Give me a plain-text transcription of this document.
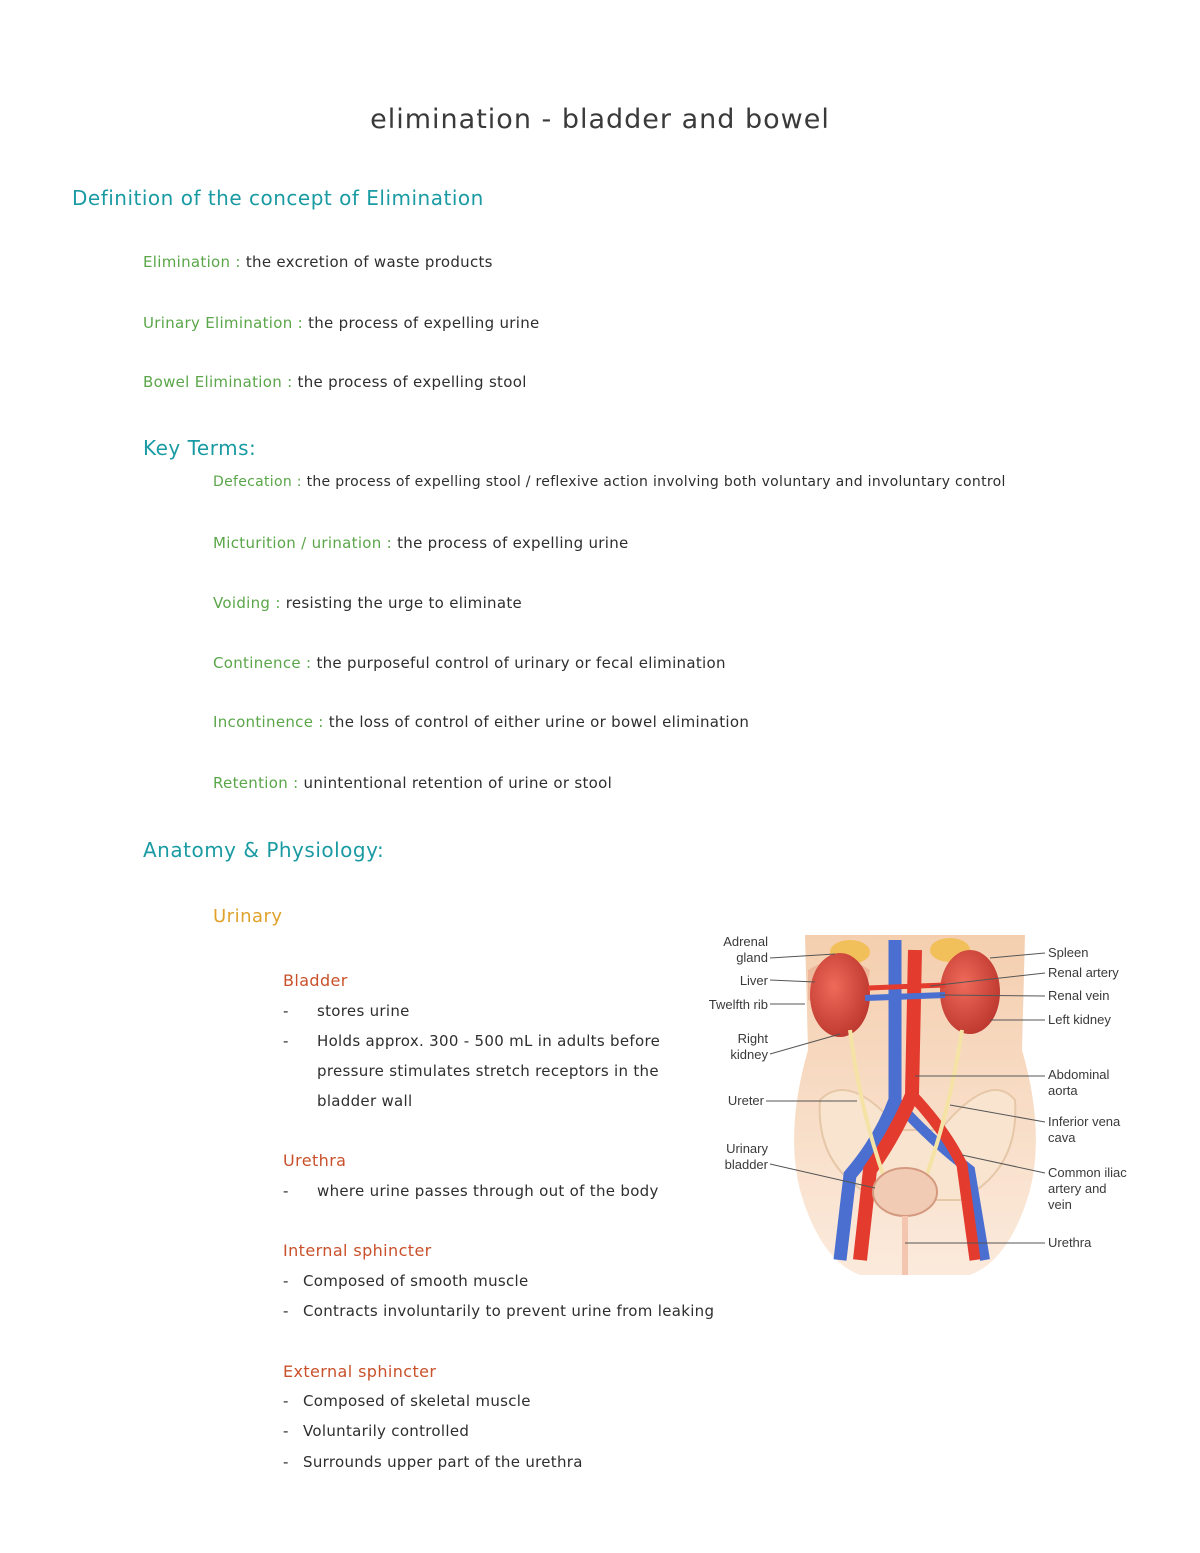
elimination - bladder and bowel
Definition of the concept of Elimination
Elimination : the excretion of waste products
Urinary Elimination : the process of expelling urine
Bowel Elimination : the process of expelling stool
Key Terms:
Defecation : the process of expelling stool / reflexive action involving both voluntary and involuntary control
Micturition / urination : the process of expelling urine
Voiding : resisting the urge to eliminate
Continence : the purposeful control of urinary or fecal elimination
Incontinence : the loss of control of either urine or bowel elimination
Retention : unintentional retention of urine or stool
Anatomy & Physiology:
Urinary
Bladder
- stores urine
- Holds approx. 300 - 500 mL in adults before
pressure stimulates stretch receptors in the
bladder wall
Urethra
- where urine passes through out of the body
Internal sphincter
- Composed of smooth muscle
- Contracts involuntarily to prevent urine from leaking
External sphincter
- Composed of skeletal muscle
- Voluntarily controlled
- Surrounds upper part of the urethra
Adrenal gland
Liver
Twelfth rib
Right kidney
Ureter
Urinary bladder
Spleen
Renal artery
Renal vein
Left kidney
Abdominal aorta
Inferior vena cava
Common iliac artery and vein
Urethra
